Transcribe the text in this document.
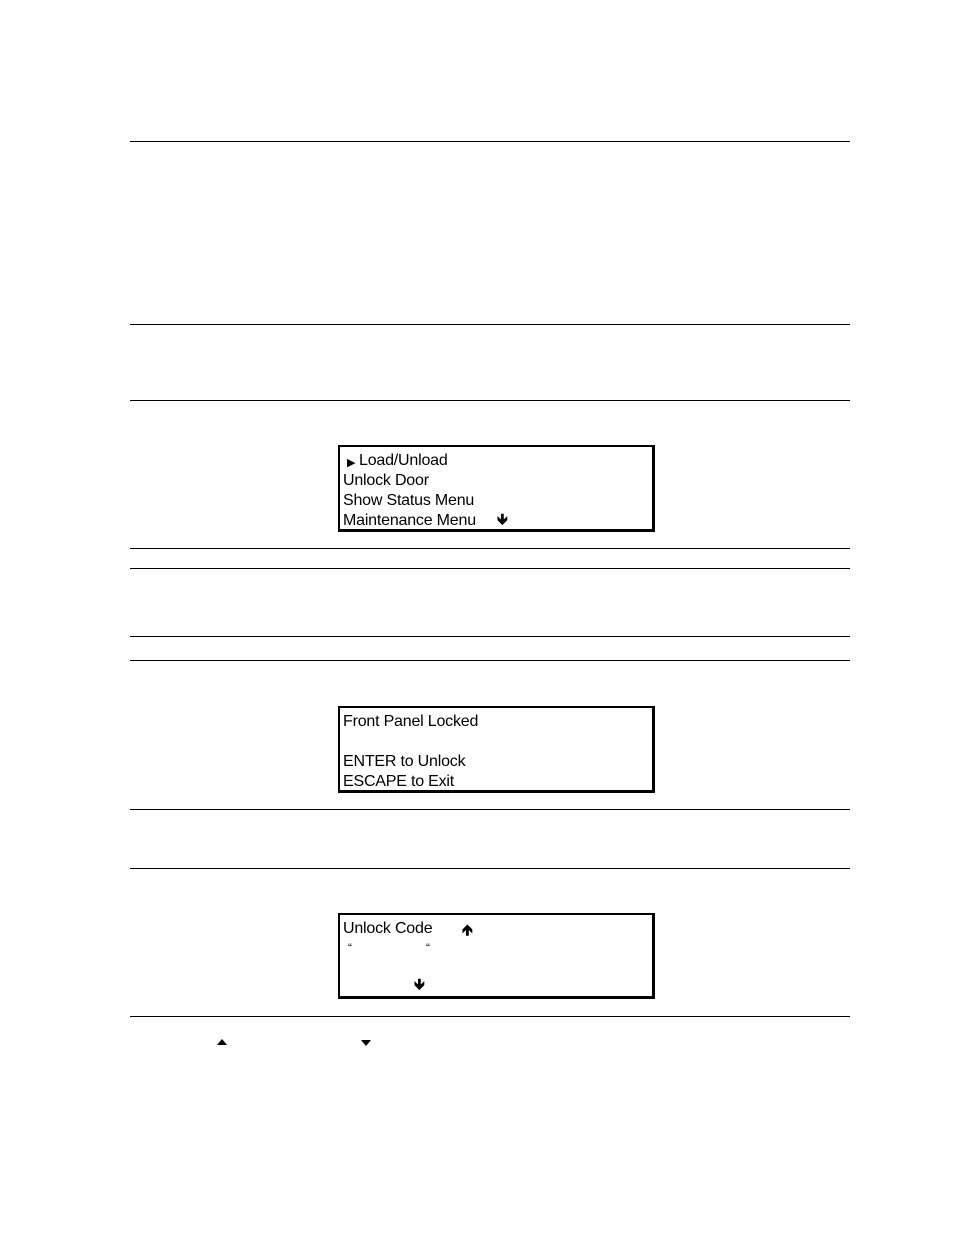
▶ Load/Unload
Unlock Door
Show Status Menu
Maintenance Menu 🡻
Front Panel Locked
ENTER to Unlock
ESCAPE to Exit
Unlock Code 🡹
“	“
🡻
